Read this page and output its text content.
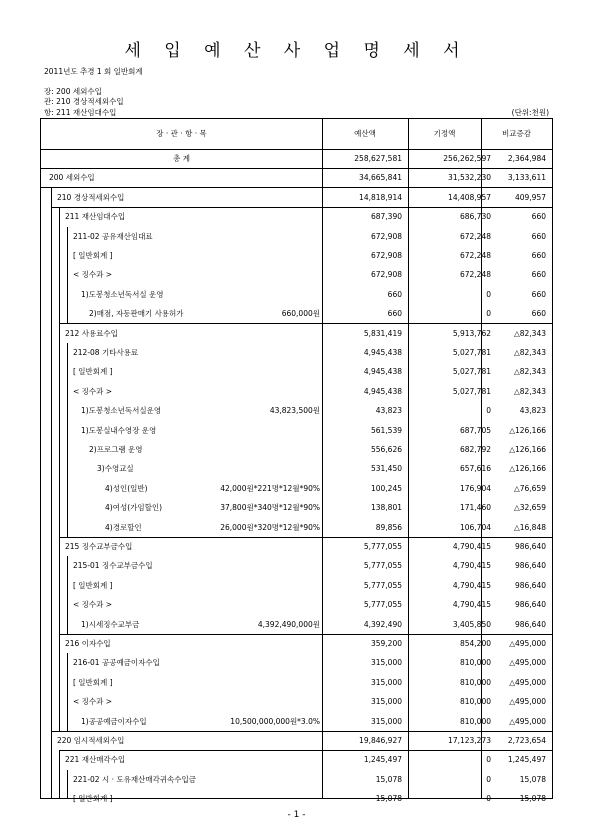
세 입 예 산 사 업 명 세 서
2011년도 추경 1 회 일반회계
장: 200 세외수입
관: 210 경상적세외수입
항: 211 재산임대수입	(단위:천원)
장 · 관 · 항 · 목	예산액	기정액	비교증감
총 계	258,627,581	256,262,597	2,364,984
200 세외수입	34,665,841	31,532,230	3,133,611
210 경상적세외수입	14,818,914	14,408,957	409,957
211 재산임대수입	687,390	686,730	660
211-02 공유재산임대료	672,908	672,248	660
[ 일반회계 ]	672,908	672,248	660
< 징수과 >	672,908	672,248	660
1)도봉청소년독서실 운영	660	0	660
2)매점, 자동판매기 사용허가	660,000원	660	0	660
212 사용료수입	5,831,419	5,913,762	△82,343
212-08 기타사용료	4,945,438	5,027,781	△82,343
[ 일반회계 ]	4,945,438	5,027,781	△82,343
< 징수과 >	4,945,438	5,027,781	△82,343
1)도봉청소년독서실운영	43,823,500원	43,823	0	43,823
1)도봉실내수영장 운영	561,539	687,705	△126,166
2)프로그램 운영	556,626	682,792	△126,166
3)수영교실	531,450	657,616	△126,166
4)성인(일반)	42,000원*221명*12월*90%	100,245	176,904	△76,659
4)여성(가임할인)	37,800원*340명*12월*90%	138,801	171,460	△32,659
4)경로할인	26,000원*320명*12월*90%	89,856	106,704	△16,848
215 징수교부금수입	5,777,055	4,790,415	986,640
215-01 징수교부금수입	5,777,055	4,790,415	986,640
[ 일반회계 ]	5,777,055	4,790,415	986,640
< 징수과 >	5,777,055	4,790,415	986,640
1)시세징수교부금	4,392,490,000원	4,392,490	3,405,850	986,640
216 이자수입	359,200	854,200	△495,000
216-01 공공예금이자수입	315,000	810,000	△495,000
[ 일반회계 ]	315,000	810,000	△495,000
< 징수과 >	315,000	810,000	△495,000
1)공공예금이자수입	10,500,000,000원*3.0%	315,000	810,000	△495,000
220 임시적세외수입	19,846,927	17,123,273	2,723,654
221 재산매각수입	1,245,497	0	1,245,497
221-02 시 · 도유재산매각귀속수입금	15,078	0	15,078
[ 일반회계 ]	15,078	0	15,078
- 1 -
